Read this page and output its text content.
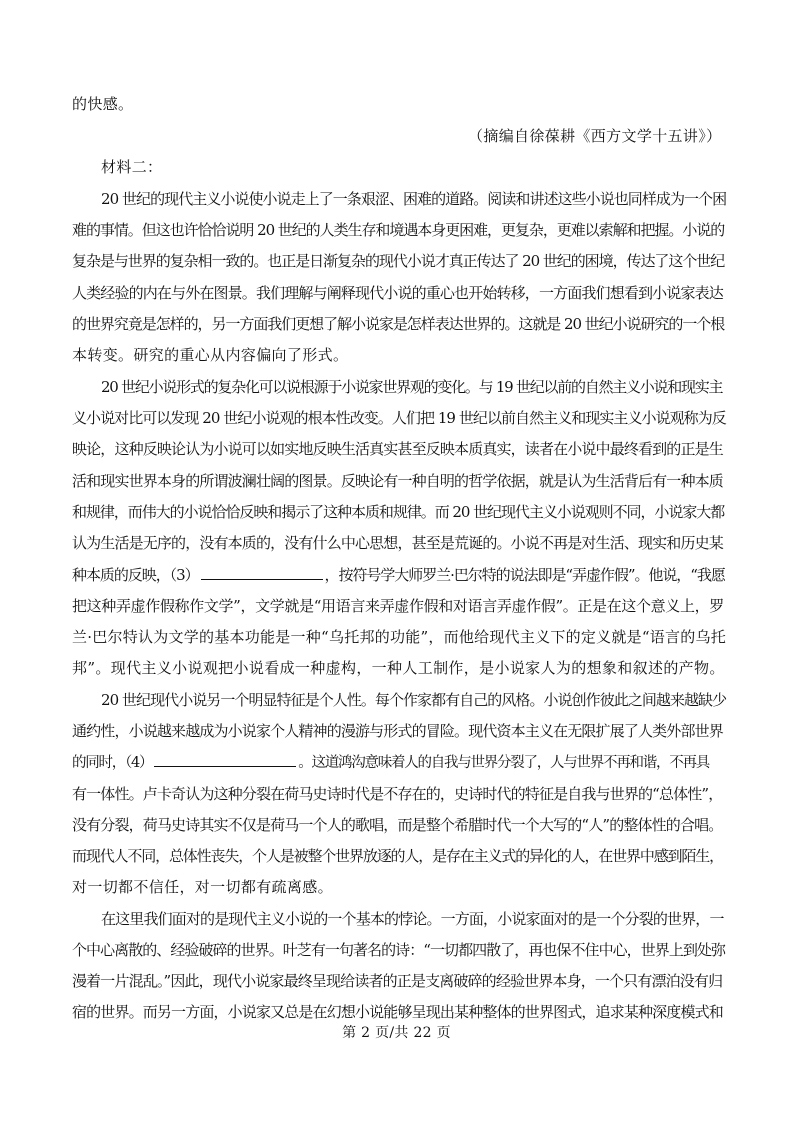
的快感。
（摘编自徐葆耕《西方文学十五讲》）
材料二：
20 世纪的现代主义小说使小说走上了一条艰涩、困难的道路。阅读和讲述这些小说也同样成为一个困
难的事情。但这也许恰恰说明 20 世纪的人类生存和境遇本身更困难，更复杂，更难以索解和把握。小说的
复杂是与世界的复杂相一致的。也正是日渐复杂的现代小说才真正传达了 20 世纪的困境，传达了这个世纪
人类经验的内在与外在图景。我们理解与阐释现代小说的重心也开始转移，一方面我们想看到小说家表达
的世界究竟是怎样的，另一方面我们更想了解小说家是怎样表达世界的。这就是 20 世纪小说研究的一个根
本转变。研究的重心从内容偏向了形式。
20 世纪小说形式的复杂化可以说根源于小说家世界观的变化。与 19 世纪以前的自然主义小说和现实主
义小说对比可以发现 20 世纪小说观的根本性改变。人们把 19 世纪以前自然主义和现实主义小说观称为反
映论，这种反映论认为小说可以如实地反映生活真实甚至反映本质真实，读者在小说中最终看到的正是生
活和现实世界本身的所谓波澜壮阔的图景。反映论有一种自明的哲学依据，就是认为生活背后有一种本质
和规律，而伟大的小说恰恰反映和揭示了这种本质和规律。而 20 世纪现代主义小说观则不同，小说家大都
认为生活是无序的，没有本质的，没有什么中心思想，甚至是荒诞的。小说不再是对生活、现实和历史某
种本质的反映，（3）	，按符号学大师罗兰·巴尔特的说法即是“弄虚作假”。他说，“我愿
把这种弄虚作假称作文学”，文学就是“用语言来弄虚作假和对语言弄虚作假”。正是在这个意义上，罗
兰·巴尔特认为文学的基本功能是一种“乌托邦的功能”，而他给现代主义下的定义就是“语言的乌托
邦”。现代主义小说观把小说看成一种虚构，一种人工制作，是小说家人为的想象和叙述的产物。
20 世纪现代小说另一个明显特征是个人性。每个作家都有自己的风格。小说创作彼此之间越来越缺少
通约性，小说越来越成为小说家个人精神的漫游与形式的冒险。现代资本主义在无限扩展了人类外部世界
的同时，（4）	。这道鸿沟意味着人的自我与世界分裂了，人与世界不再和谐，不再具
有一体性。卢卡奇认为这种分裂在荷马史诗时代是不存在的，史诗时代的特征是自我与世界的“总体性”，
没有分裂，荷马史诗其实不仅是荷马一个人的歌唱，而是整个希腊时代一个大写的“人”的整体性的合唱。
而现代人不同，总体性丧失，个人是被整个世界放逐的人，是存在主义式的异化的人，在世界中感到陌生，
对一切都不信任，对一切都有疏离感。
在这里我们面对的是现代主义小说的一个基本的悖论。一方面，小说家面对的是一个分裂的世界，一
个中心离散的、经验破碎的世界。叶芝有一句著名的诗：“一切都四散了，再也保不住中心，世界上到处弥
漫着一片混乱。”因此，现代小说家最终呈现给读者的正是支离破碎的经验世界本身，一个只有漂泊没有归
宿的世界。而另一方面，小说家又总是在幻想小说能够呈现出某种整体的世界图式，追求某种深度模式和
第 2 页/共 22 页
